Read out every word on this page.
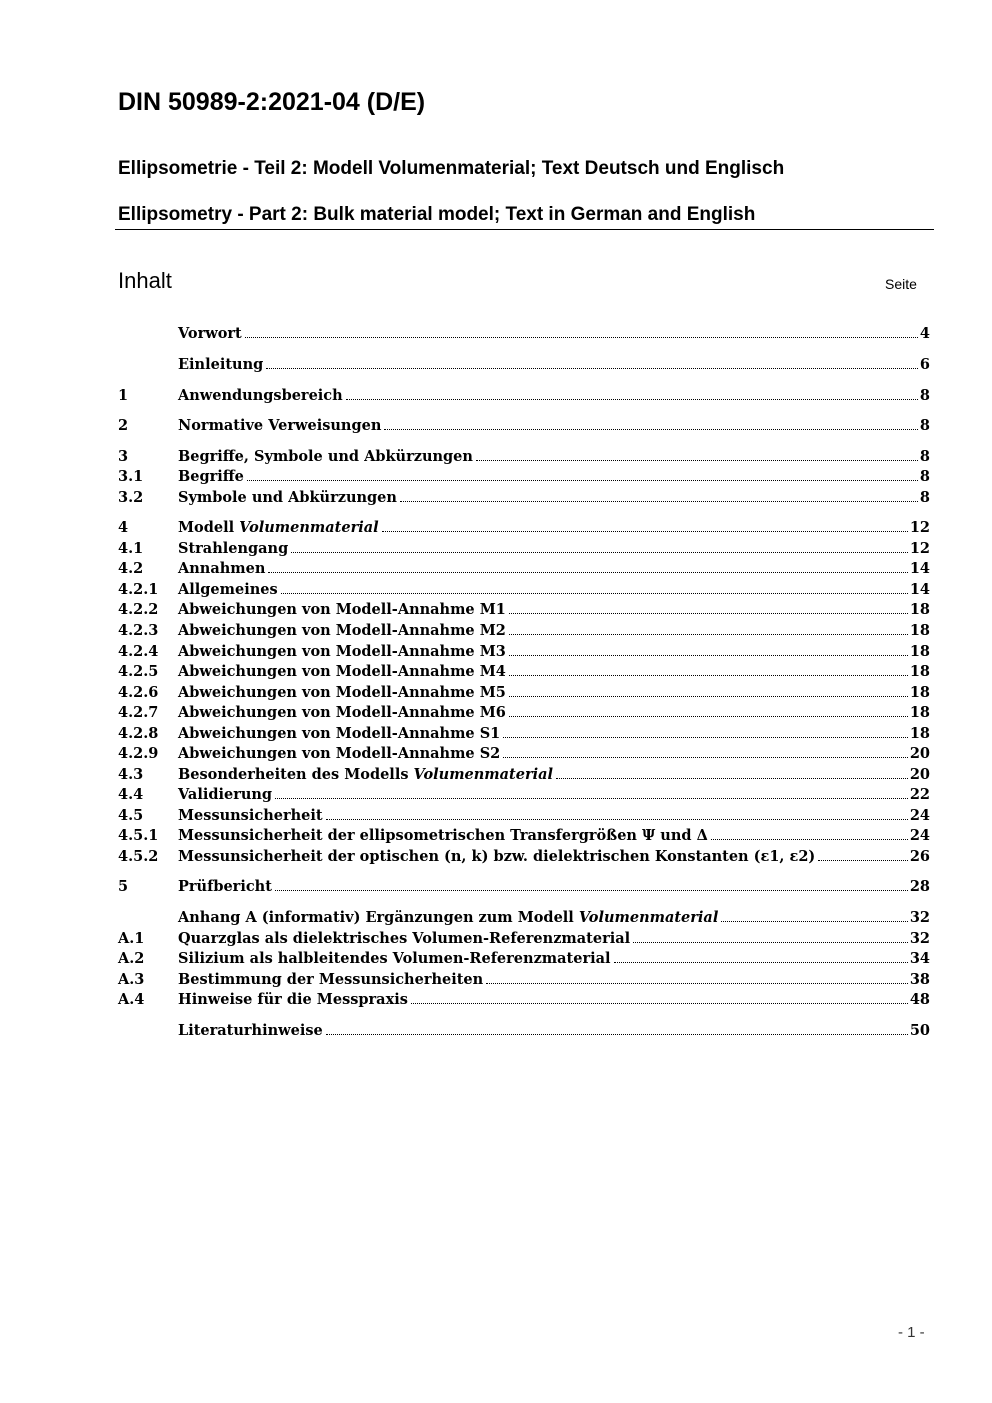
DIN 50989-2:2021-04 (D/E)
Ellipsometrie - Teil 2: Modell Volumenmaterial; Text Deutsch und Englisch
Ellipsometry - Part 2: Bulk material model; Text in German and English
Inhalt	Seite
Vorwort	4
Einleitung	6
1	Anwendungsbereich	8
2	Normative Verweisungen	8
3	Begriffe, Symbole und Abkürzungen	8
3.1	Begriffe	8
3.2	Symbole und Abkürzungen	8
4	Modell Volumenmaterial	12
4.1	Strahlengang	12
4.2	Annahmen	14
4.2.1	Allgemeines	14
4.2.2	Abweichungen von Modell-Annahme M1	18
4.2.3	Abweichungen von Modell-Annahme M2	18
4.2.4	Abweichungen von Modell-Annahme M3	18
4.2.5	Abweichungen von Modell-Annahme M4	18
4.2.6	Abweichungen von Modell-Annahme M5	18
4.2.7	Abweichungen von Modell-Annahme M6	18
4.2.8	Abweichungen von Modell-Annahme S1	18
4.2.9	Abweichungen von Modell-Annahme S2	20
4.3	Besonderheiten des Modells Volumenmaterial	20
4.4	Validierung	22
4.5	Messunsicherheit	24
4.5.1	Messunsicherheit der ellipsometrischen Transfergrößen Ψ und Δ	24
4.5.2	Messunsicherheit der optischen (n, k) bzw. dielektrischen Konstanten (ε1, ε2)	26
5	Prüfbericht	28
Anhang A (informativ) Ergänzungen zum Modell Volumenmaterial	32
A.1	Quarzglas als dielektrisches Volumen-Referenzmaterial	32
A.2	Silizium als halbleitendes Volumen-Referenzmaterial	34
A.3	Bestimmung der Messunsicherheiten	38
A.4	Hinweise für die Messpraxis	48
Literaturhinweise	50
- 1 -
